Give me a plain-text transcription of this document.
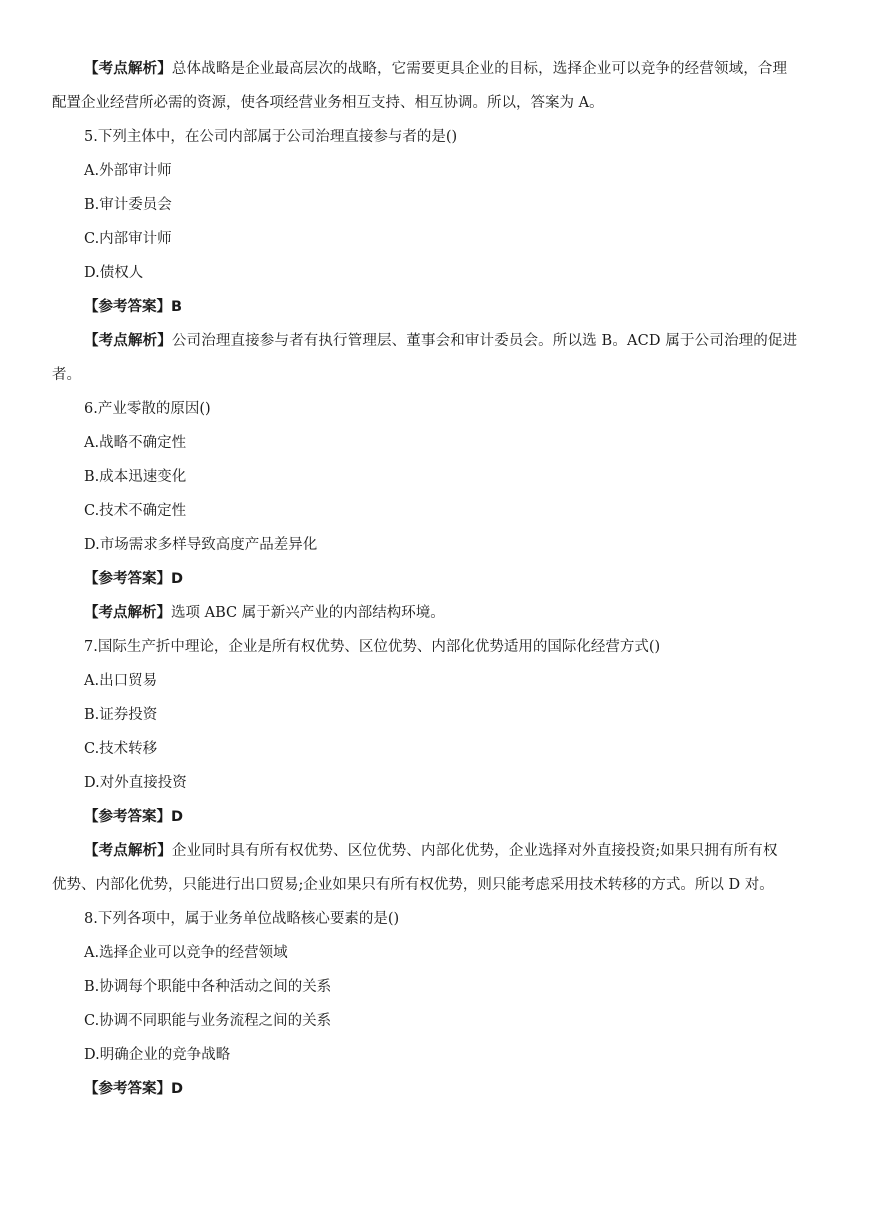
【考点解析】总体战略是企业最高层次的战略，它需要更具企业的目标，选择企业可以竞争的经营领域，合理
配置企业经营所必需的资源，使各项经营业务相互支持、相互协调。所以，答案为 A。
5.下列主体中，在公司内部属于公司治理直接参与者的是()
A.外部审计师
B.审计委员会
C.内部审计师
D.债权人
【参考答案】B
【考点解析】公司治理直接参与者有执行管理层、董事会和审计委员会。所以选 B。ACD 属于公司治理的促进
者。
6.产业零散的原因()
A.战略不确定性
B.成本迅速变化
C.技术不确定性
D.市场需求多样导致高度产品差异化
【参考答案】D
【考点解析】选项 ABC 属于新兴产业的内部结构环境。
7.国际生产折中理论，企业是所有权优势、区位优势、内部化优势适用的国际化经营方式()
A.出口贸易
B.证券投资
C.技术转移
D.对外直接投资
【参考答案】D
【考点解析】企业同时具有所有权优势、区位优势、内部化优势，企业选择对外直接投资;如果只拥有所有权
优势、内部化优势，只能进行出口贸易;企业如果只有所有权优势，则只能考虑采用技术转移的方式。所以 D 对。
8.下列各项中，属于业务单位战略核心要素的是()
A.选择企业可以竞争的经营领域
B.协调每个职能中各种活动之间的关系
C.协调不同职能与业务流程之间的关系
D.明确企业的竞争战略
【参考答案】D
